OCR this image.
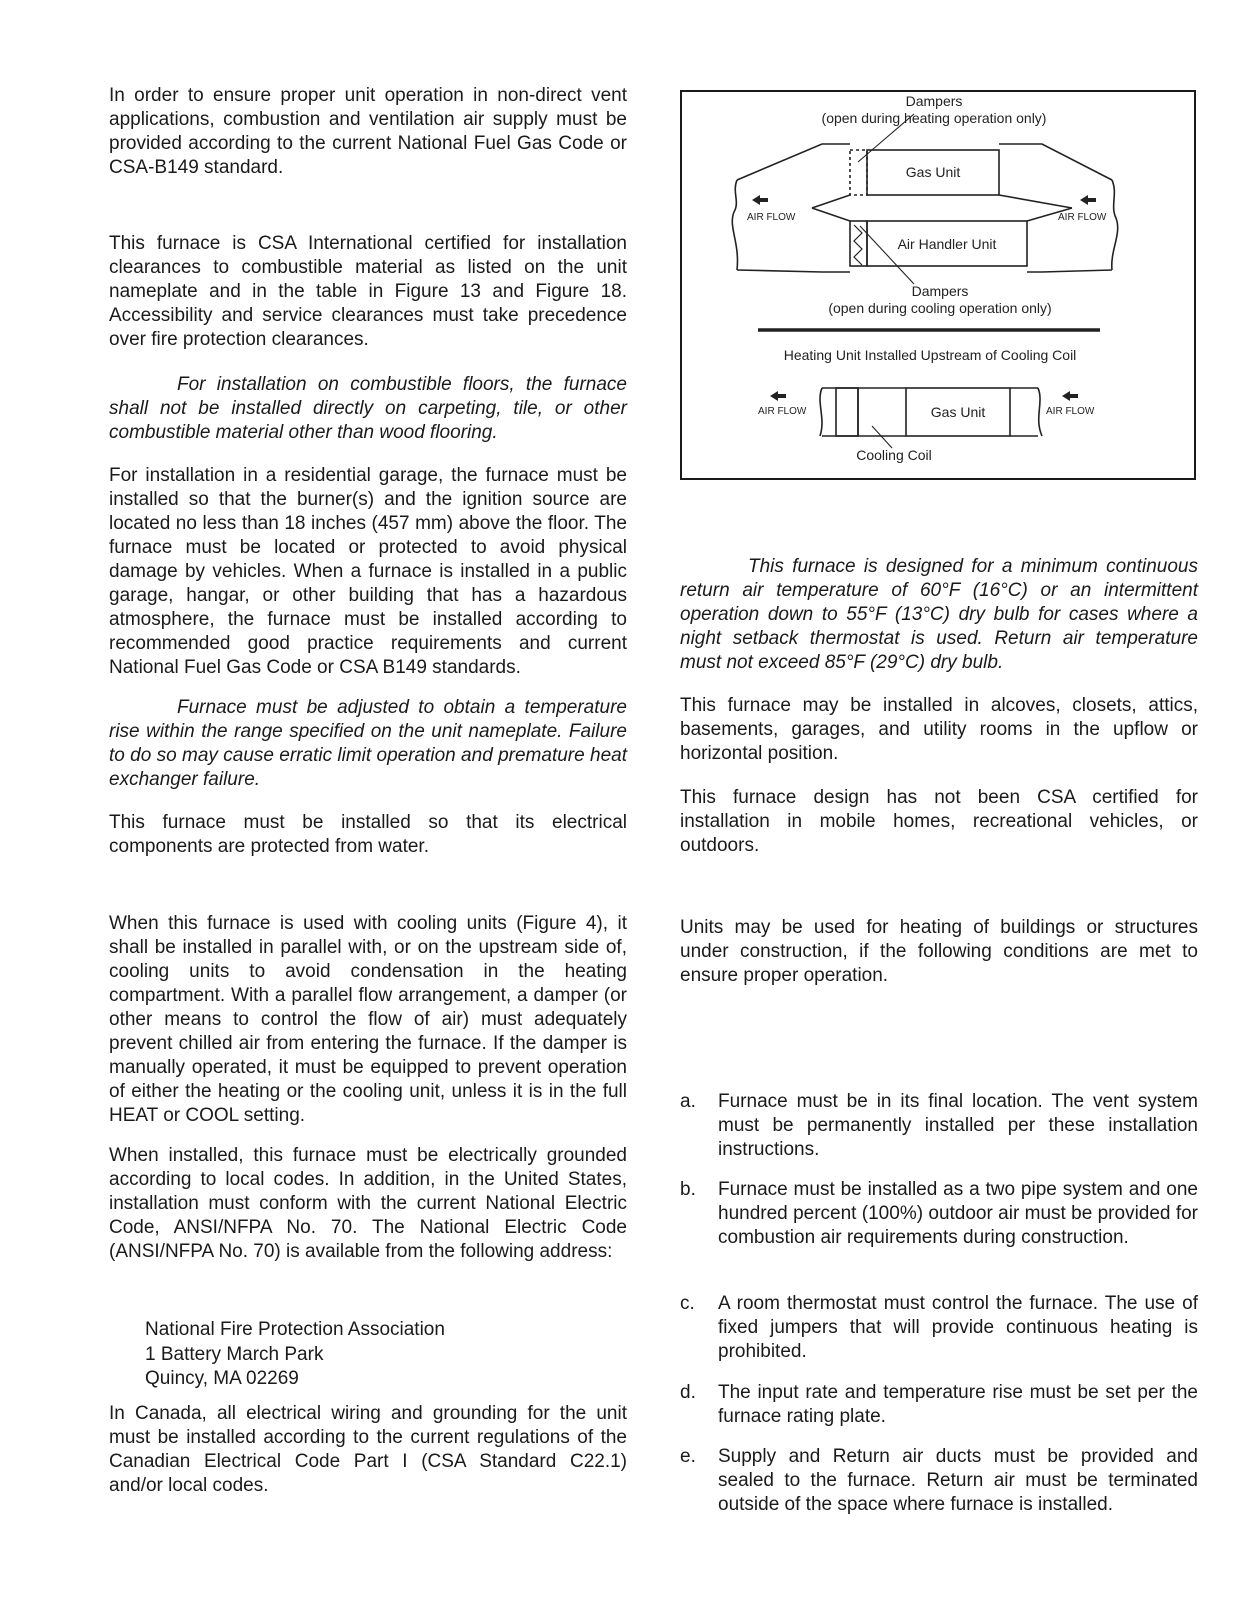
In order to ensure proper unit operation in non-direct vent applications, combustion and ventilation air supply must be provided according to the current National Fuel Gas Code or CSA-B149 standard.

This furnace is CSA International certified for installation clearances to combustible material as listed on the unit nameplate and in the table in Figure 13 and Figure 18. Accessibility and service clearances must take precedence over fire protection clearances.

For installation on combustible floors, the furnace shall not be installed directly on carpeting, tile, or other combustible material other than wood flooring.

For installation in a residential garage, the furnace must be installed so that the burner(s) and the ignition source are located no less than 18 inches (457 mm) above the floor. The furnace must be located or protected to avoid physical damage by vehicles. When a furnace is installed in a public garage, hangar, or other building that has a hazardous atmosphere, the furnace must be installed according to recommended good practice requirements and current National Fuel Gas Code or CSA B149 standards.

Furnace must be adjusted to obtain a temperature rise within the range specified on the unit nameplate. Failure to do so may cause erratic limit operation and premature heat exchanger failure.

This furnace must be installed so that its electrical components are protected from water.

When this furnace is used with cooling units (Figure 4), it shall be installed in parallel with, or on the upstream side of, cooling units to avoid condensation in the heating compartment. With a parallel flow arrangement, a damper (or other means to control the flow of air) must adequately prevent chilled air from entering the furnace. If the damper is manually operated, it must be equipped to prevent operation of either the heating or the cooling unit, unless it is in the full HEAT or COOL setting.

When installed, this furnace must be electrically grounded according to local codes. In addition, in the United States, installation must conform with the current National Electric Code, ANSI/NFPA No. 70. The National Electric Code (ANSI/NFPA No. 70) is available from the following address:

National Fire Protection Association
1 Battery March Park
Quincy, MA 02269

In Canada, all electrical wiring and grounding for the unit must be installed according to the current regulations of the Canadian Electrical Code Part I (CSA Standard C22.1) and/or local codes.

Dampers
(open during heating operation only)
Gas Unit
Air Handler Unit
Dampers
(open during cooling operation only)
Heating Unit Installed Upstream of Cooling Coil
Gas Unit
Cooling Coil
AIR FLOW	AIR FLOW
AIR FLOW	AIR FLOW

This furnace is designed for a minimum continuous return air temperature of 60°F (16°C) or an intermittent operation down to 55°F (13°C) dry bulb for cases where a night setback thermostat is used. Return air temperature must not exceed 85°F (29°C) dry bulb.

This furnace may be installed in alcoves, closets, attics, basements, garages, and utility rooms in the upflow or horizontal position.

This furnace design has not been CSA certified for installation in mobile homes, recreational vehicles, or outdoors.

Units may be used for heating of buildings or structures under construction, if the following conditions are met to ensure proper operation.

a. Furnace must be in its final location. The vent system must be permanently installed per these installation instructions.
b. Furnace must be installed as a two pipe system and one hundred percent (100%) outdoor air must be provided for combustion air requirements during construction.
c. A room thermostat must control the furnace. The use of fixed jumpers that will provide continuous heating is prohibited.
d. The input rate and temperature rise must be set per the furnace rating plate.
e. Supply and Return air ducts must be provided and sealed to the furnace. Return air must be terminated outside of the space where furnace is installed.
